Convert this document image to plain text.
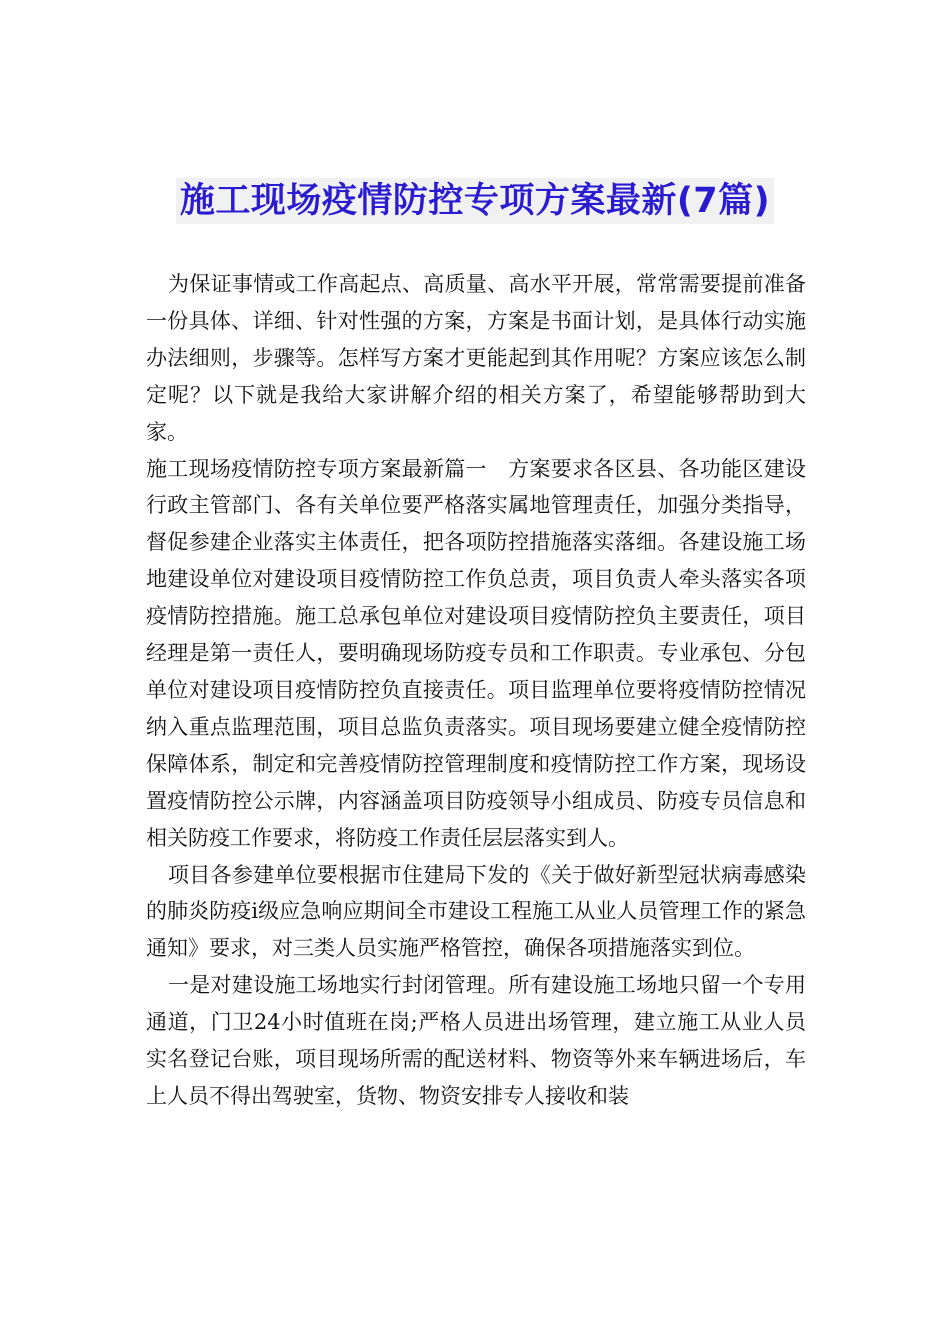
施工现场疫情防控专项方案最新(7篇)

为保证事情或工作高起点、高质量、高水平开展，常常需要提前准备一份具体、详细、针对性强的方案，方案是书面计划，是具体行动实施办法细则，步骤等。怎样写方案才更能起到其作用呢？方案应该怎么制定呢？以下就是我给大家讲解介绍的相关方案了，希望能够帮助到大家。

施工现场疫情防控专项方案最新篇一　方案要求各区县、各功能区建设行政主管部门、各有关单位要严格落实属地管理责任，加强分类指导，督促参建企业落实主体责任，把各项防控措施落实落细。各建设施工场地建设单位对建设项目疫情防控工作负总责，项目负责人牵头落实各项疫情防控措施。施工总承包单位对建设项目疫情防控负主要责任，项目经理是第一责任人，要明确现场防疫专员和工作职责。专业承包、分包单位对建设项目疫情防控负直接责任。项目监理单位要将疫情防控情况纳入重点监理范围，项目总监负责落实。项目现场要建立健全疫情防控保障体系，制定和完善疫情防控管理制度和疫情防控工作方案，现场设置疫情防控公示牌，内容涵盖项目防疫领导小组成员、防疫专员信息和相关防疫工作要求，将防疫工作责任层层落实到人。

项目各参建单位要根据市住建局下发的《关于做好新型冠状病毒感染的肺炎防疫ⅰ级应急响应期间全市建设工程施工从业人员管理工作的紧急通知》要求，对三类人员实施严格管控，确保各项措施落实到位。

一是对建设施工场地实行封闭管理。所有建设施工场地只留一个专用通道，门卫24小时值班在岗;严格人员进出场管理，建立施工从业人员实名登记台账，项目现场所需的配送材料、物资等外来车辆进场后，车上人员不得出驾驶室，货物、物资安排专人接收和装
